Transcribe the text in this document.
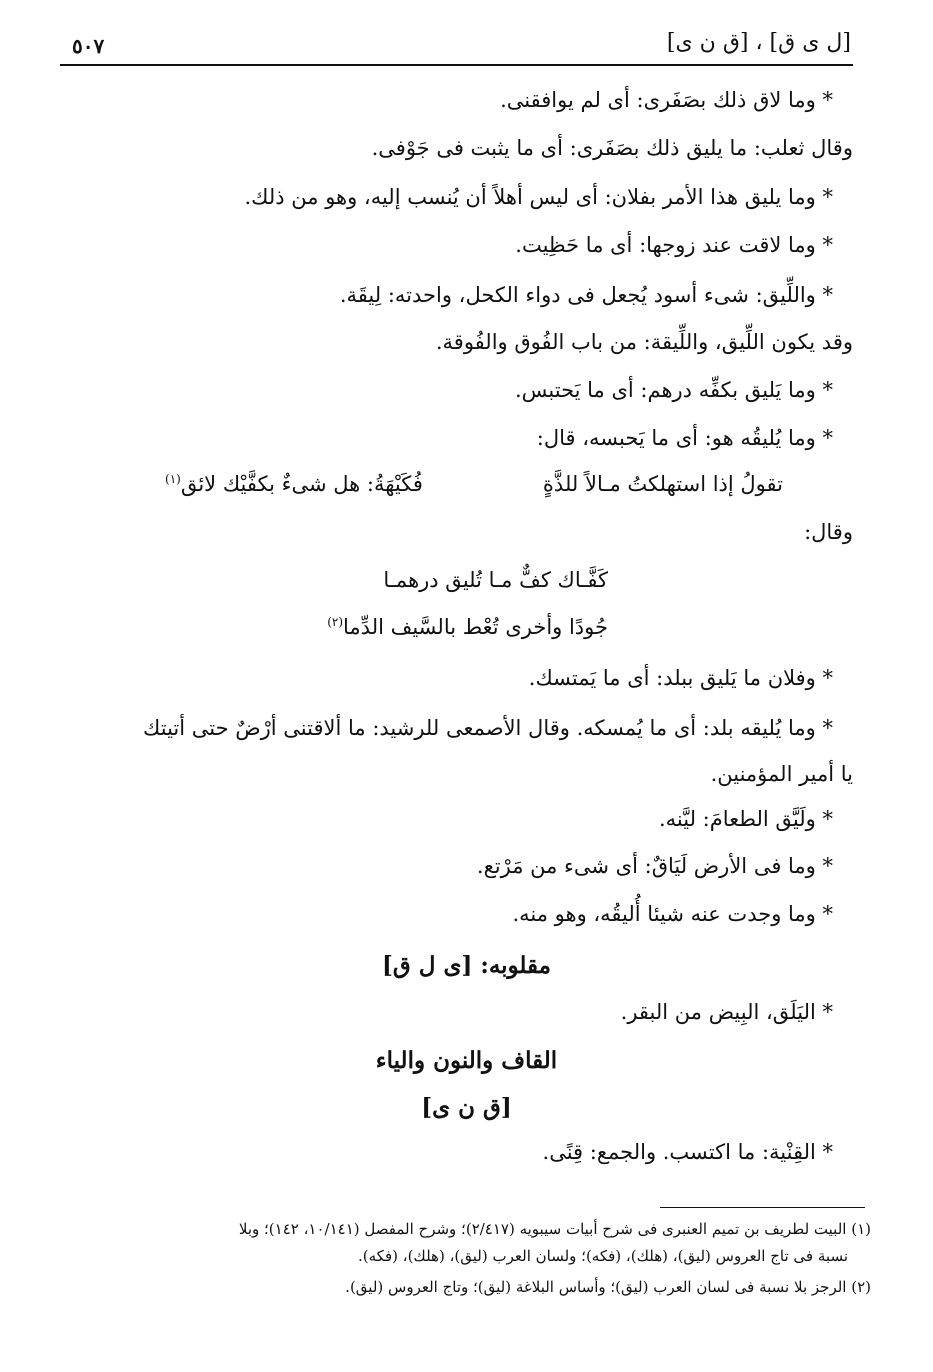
٥٠٧	[ل ى ق] ، [ق ن ى]
* وما لاق ذلك بصَفَرى: أى لم يوافقنى.
وقال ثعلب: ما يليق ذلك بصَفَرى: أى ما يثبت فى جَوْفى.
* وما يليق هذا الأمر بفلان: أى ليس أهلاً أن يُنسب إليه، وهو من ذلك.
* وما لاقت عند زوجها: أى ما حَظِيت.
* واللِّيق: شىء أسود يُجعل فى دواء الكحل، واحدته: لِيقَة.
وقد يكون اللِّيق، واللِّيقة: من باب الفُوق والفُوقة.
* وما يَليق بكفِّه درهم: أى ما يَحتبس.
* وما يُليقُه هو: أى ما يَحبسه، قال:
تقولُ إذا استهلكتُ مـالاً للذَّةٍ
فُكَيْهَةُ: هل شىءٌ بكفَّيْك لائق$^{(١)}$
وقال:
كَفَّـاك كفٌّ مـا تُليق درهمـا
جُودًا وأخرى تُعْط بالسَّيف الدِّما$^{(٢)}$
* وفلان ما يَليق ببلد: أى ما يَمتسك.
* وما يُليقه بلد: أى ما يُمسكه. وقال الأصمعى للرشيد: ما ألاقتنى أرْضٌ حتى أتيتك
يا أمير المؤمنين.
* ولَيَّق الطعامَ: ليَّنه.
* وما فى الأرض لَيَاقٌ: أى شىء من مَرْتع.
* وما وجدت عنه شيئا أُليقُه، وهو منه.
مقلوبه: [ى ل ق]
* اليَلَق، البِيض من البقر.
القاف والنون والياء
[ق ن ى]
* القِنْية: ما اكتسب. والجمع: قِنًى.
(١) البيت لطريف بن تميم العنبرى فى شرح أبيات سيبويه (٢/٤١٧)؛ وشرح المفصل (١٠/١٤١، ١٤٢)؛ وبلا
نسبة فى تاج العروس (ليق)، (هلك)، (فكه)؛ ولسان العرب (ليق)، (هلك)، (فكه).
(٢) الرجز بلا نسبة فى لسان العرب (ليق)؛ وأساس البلاغة (ليق)؛ وتاج العروس (ليق).
